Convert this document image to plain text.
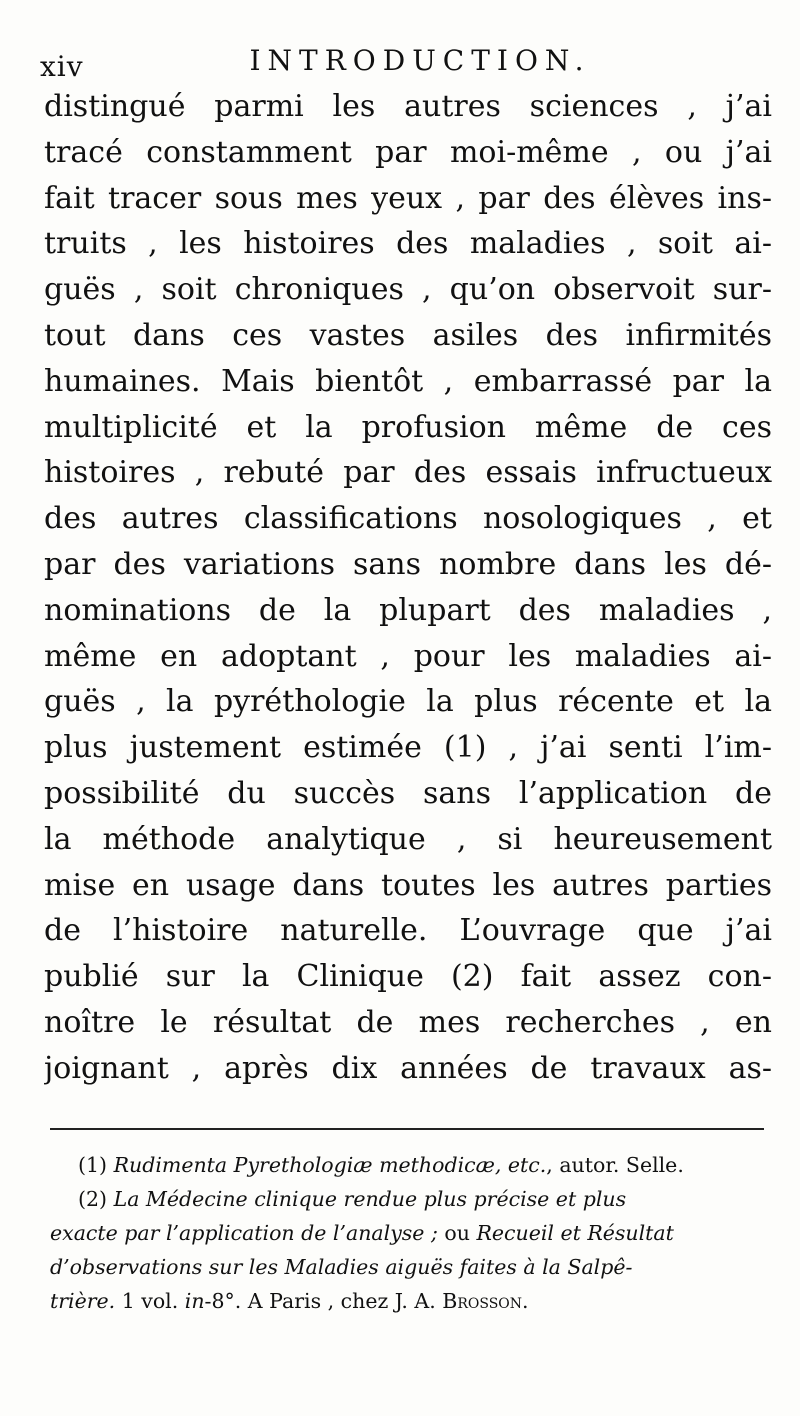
xiv	INTRODUCTION.
distingué parmi les autres sciences , j’ai
tracé constamment par moi-même , ou j’ai
fait tracer sous mes yeux , par des élèves ins-
truits , les histoires des maladies , soit ai-
guës , soit chroniques , qu’on observoit sur-
tout dans ces vastes asiles des infirmités
humaines. Mais bientôt , embarrassé par la
multiplicité et la profusion même de ces
histoires , rebuté par des essais infructueux
des autres classifications nosologiques , et
par des variations sans nombre dans les dé-
nominations de la plupart des maladies ,
même en adoptant , pour les maladies ai-
guës , la pyréthologie la plus récente et la
plus justement estimée (1) , j’ai senti l’im-
possibilité du succès sans l’application de
la méthode analytique , si heureusement
mise en usage dans toutes les autres parties
de l’histoire naturelle. L’ouvrage que j’ai
publié sur la Clinique (2) fait assez con-
noître le résultat de mes recherches , en
joignant , après dix années de travaux as-
(1) Rudimenta Pyrethologiæ methodicæ, etc., autor. Selle.
(2) La Médecine clinique rendue plus précise et plus
exacte par l’application de l’analyse ; ou Recueil et Résultat
d’observations sur les Maladies aiguës faites à la Salpê-
trière. 1 vol. in-8°. A Paris , chez J. A. Brosson.
